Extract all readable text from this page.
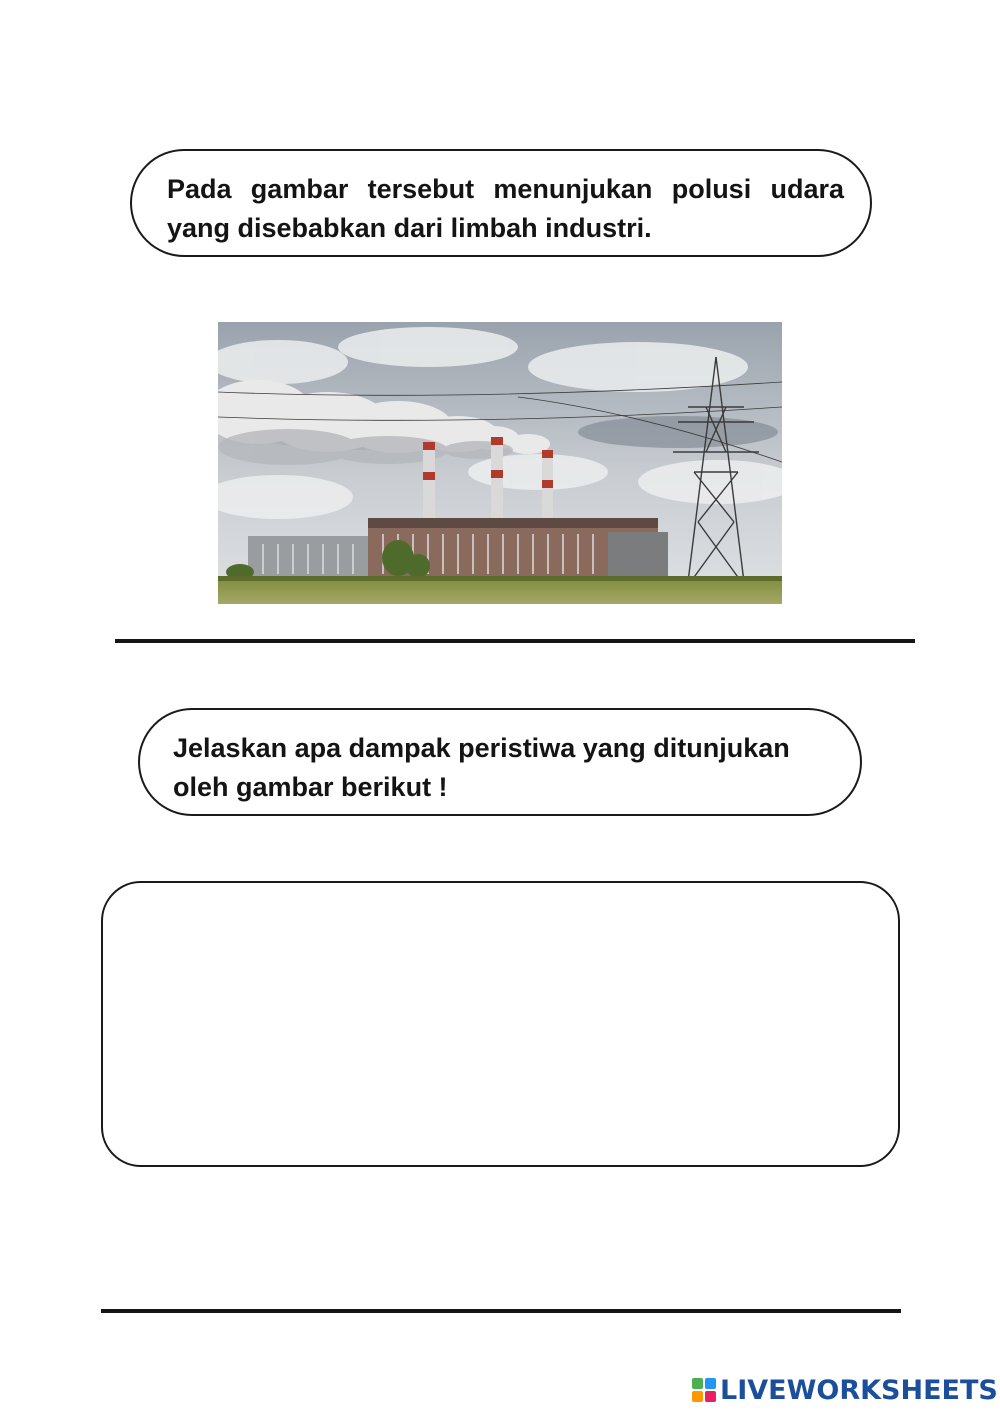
Pada gambar tersebut menunjukan polusi udara yang disebabkan dari limbah industri.
Jelaskan apa dampak peristiwa yang ditunjukan oleh gambar berikut !
LIVEWORKSHEETS
